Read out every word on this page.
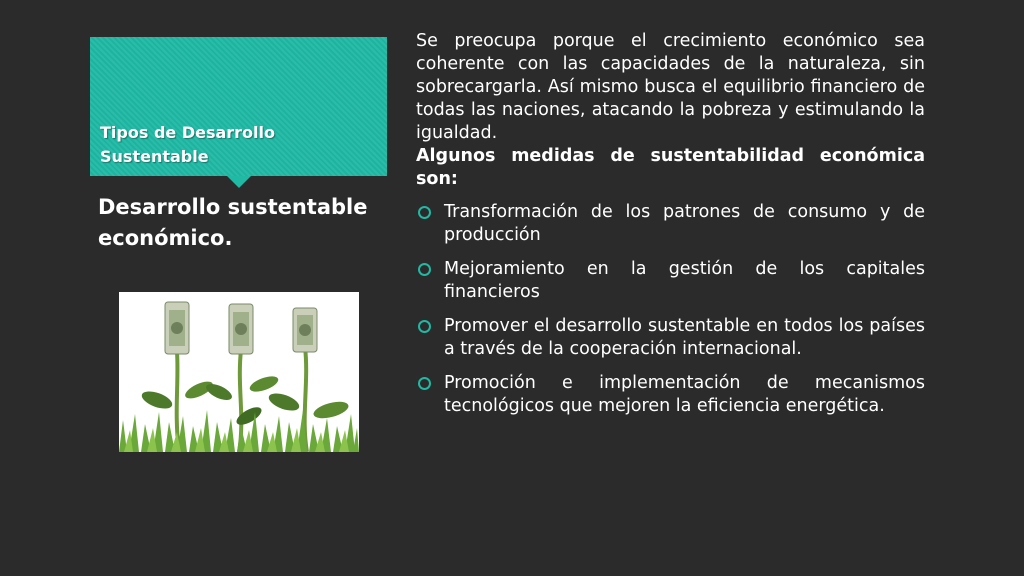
Tipos de Desarrollo Sustentable
Desarrollo sustentable económico.

Se preocupa porque el crecimiento económico sea coherente con las capacidades de la naturaleza, sin sobrecargarla. Así mismo busca el equilibrio financiero de todas las naciones, atacando la pobreza y estimulando la igualdad.

Algunos medidas de sustentabilidad económica son:

Transformación de los patrones de consumo y de producción
Mejoramiento en la gestión de los capitales financieros
Promover el desarrollo sustentable en todos los países a través de la cooperación internacional.
Promoción e implementación de mecanismos tecnológicos que mejoren la eficiencia energética.
